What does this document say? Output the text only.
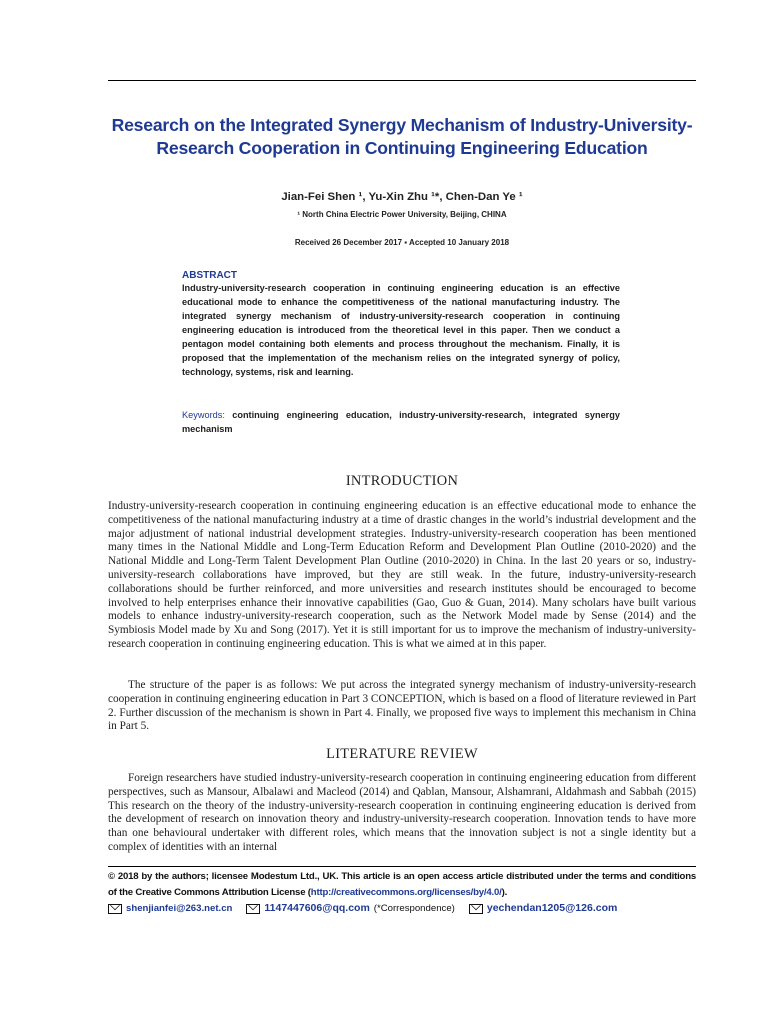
Research on the Integrated Synergy Mechanism of Industry-University-Research Cooperation in Continuing Engineering Education
Jian-Fei Shen ¹, Yu-Xin Zhu ¹*, Chen-Dan Ye ¹
¹ North China Electric Power University, Beijing, CHINA
Received 26 December 2017 ▪ Accepted 10 January 2018
ABSTRACT
Industry-university-research cooperation in continuing engineering education is an effective educational mode to enhance the competitiveness of the national manufacturing industry. The integrated synergy mechanism of industry-university-research cooperation in continuing engineering education is introduced from the theoretical level in this paper. Then we conduct a pentagon model containing both elements and process throughout the mechanism. Finally, it is proposed that the implementation of the mechanism relies on the integrated synergy of policy, technology, systems, risk and learning.
Keywords: continuing engineering education, industry-university-research, integrated synergy mechanism
INTRODUCTION
Industry-university-research cooperation in continuing engineering education is an effective educational mode to enhance the competitiveness of the national manufacturing industry at a time of drastic changes in the world’s industrial development and the major adjustment of national industrial development strategies. Industry-university-research cooperation has been mentioned many times in the National Middle and Long-Term Education Reform and Development Plan Outline (2010-2020) and the National Middle and Long-Term Talent Development Plan Outline (2010-2020) in China. In the last 20 years or so, industry-university-research collaborations have improved, but they are still weak. In the future, industry-university-research collaborations should be further reinforced, and more universities and research institutes should be encouraged to become involved to help enterprises enhance their innovative capabilities (Gao, Guo & Guan, 2014). Many scholars have built various models to enhance industry-university-research cooperation, such as the Network Model made by Sense (2014) and the Symbiosis Model made by Xu and Song (2017). Yet it is still important for us to improve the mechanism of industry-university-research cooperation in continuing engineering education. This is what we aimed at in this paper.
The structure of the paper is as follows: We put across the integrated synergy mechanism of industry-university-research cooperation in continuing engineering education in Part 3 CONCEPTION, which is based on a flood of literature reviewed in Part 2. Further discussion of the mechanism is shown in Part 4. Finally, we proposed five ways to implement this mechanism in China in Part 5.
LITERATURE REVIEW
Foreign researchers have studied industry-university-research cooperation in continuing engineering education from different perspectives, such as Mansour, Albalawi and Macleod (2014) and Qablan, Mansour, Alshamrani, Aldahmash and Sabbah (2015) This research on the theory of the industry-university-research cooperation in continuing engineering education is derived from the development of research on innovation theory and industry-university-research cooperation. Innovation tends to have more than one behavioural undertaker with different roles, which means that the innovation subject is not a single identity but a complex of identities with an internal
© 2018 by the authors; licensee Modestum Ltd., UK. This article is an open access article distributed under the terms and conditions of the Creative Commons Attribution License (http://creativecommons.org/licenses/by/4.0/).
shenjianfei@263.net.cn	1147447606@qq.com (*Correspondence)	yechendan1205@126.com
